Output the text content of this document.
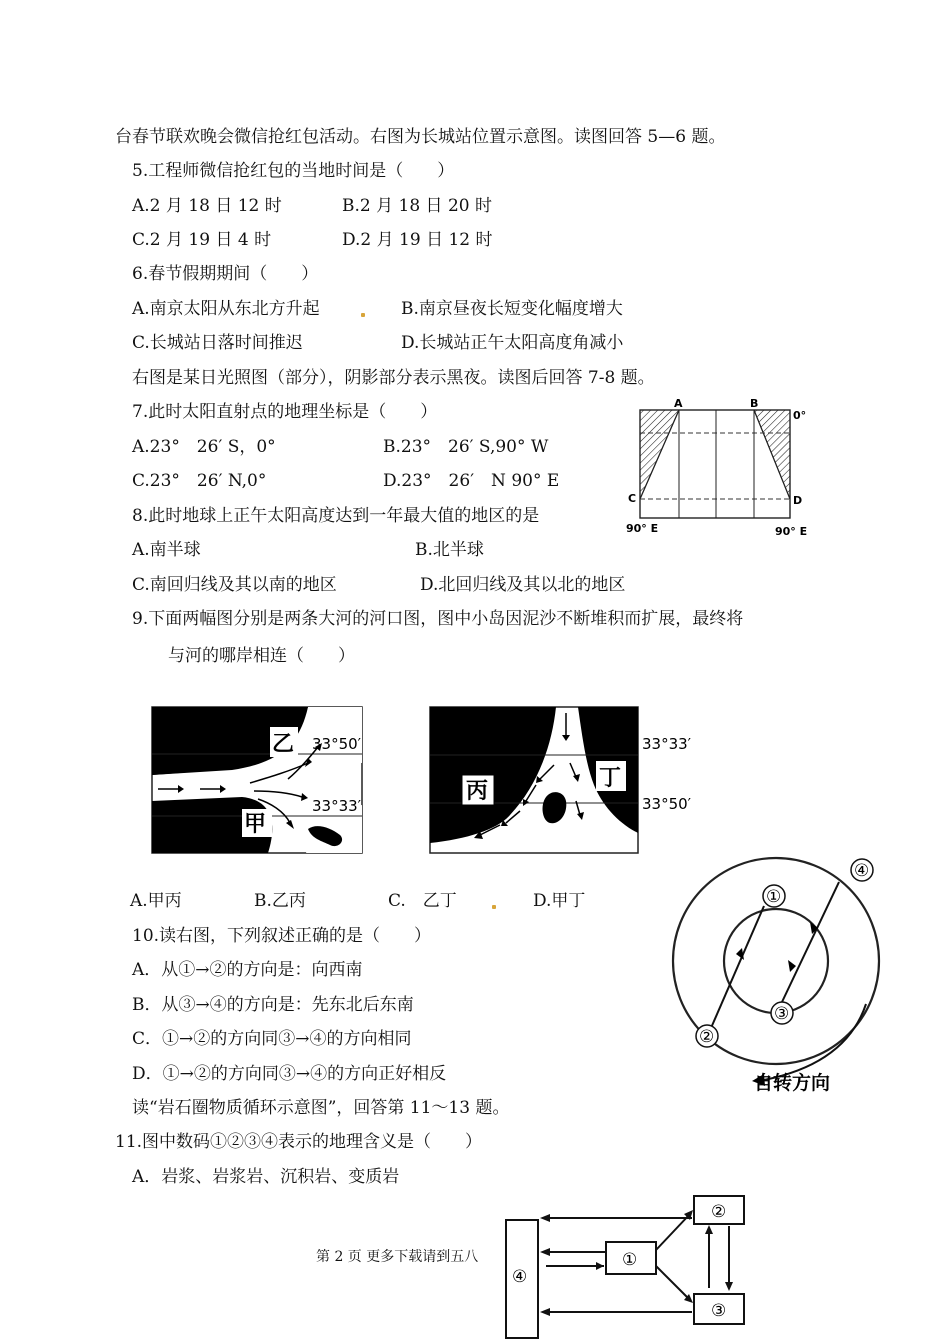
台春节联欢晚会微信抢红包活动。右图为长城站位置示意图。读图回答 5—6 题。
5.工程师微信抢红包的当地时间是（　　）
A.2 月 18 日 12 时	B.2 月 18 日 20 时
C.2 月 19 日 4 时	D.2 月 19 日 12 时
6.春节假期期间（　　）
A.南京太阳从东北方升起	B.南京昼夜长短变化幅度增大
C.长城站日落时间推迟	D.长城站正午太阳高度角减小
右图是某日光照图（部分），阴影部分表示黑夜。读图后回答 7-8 题。
7.此时太阳直射点的地理坐标是（　　）
A.23°　26′ S，0°	B.23°　26′ S,90° W
C.23°　26′ N,0°	D.23°　26′　N 90° E
8.此时地球上正午太阳高度达到一年最大值的地区的是
A.南半球	B.北半球
C.南回归线及其以南的地区	D.北回归线及其以北的地区
9.下面两幅图分别是两条大河的河口图，图中小岛因泥沙不断堆积而扩展，最终将
与河的哪岸相连（　　）
A.甲丙	B.乙丙	C.　乙丁	D.甲丁
10.读右图，下列叙述正确的是（　　）
A．从①→②的方向是：向西南
B．从③→④的方向是：先东北后东南
C．①→②的方向同③→④的方向相同
D．①→②的方向同③→④的方向正好相反
读“岩石圈物质循环示意图”，回答第 11～13 题。
11.图中数码①②③④表示的地理含义是（　　）
A．岩浆、岩浆岩、沉积岩、变质岩
第 2 页 更多下载请到五八
A	B
0°
C	D
90° E	90° E
乙
甲
33°50′
33°33′
丙
丁
33°33′
33°50′
①
②
③
④
自转方向
④
①
②
③
